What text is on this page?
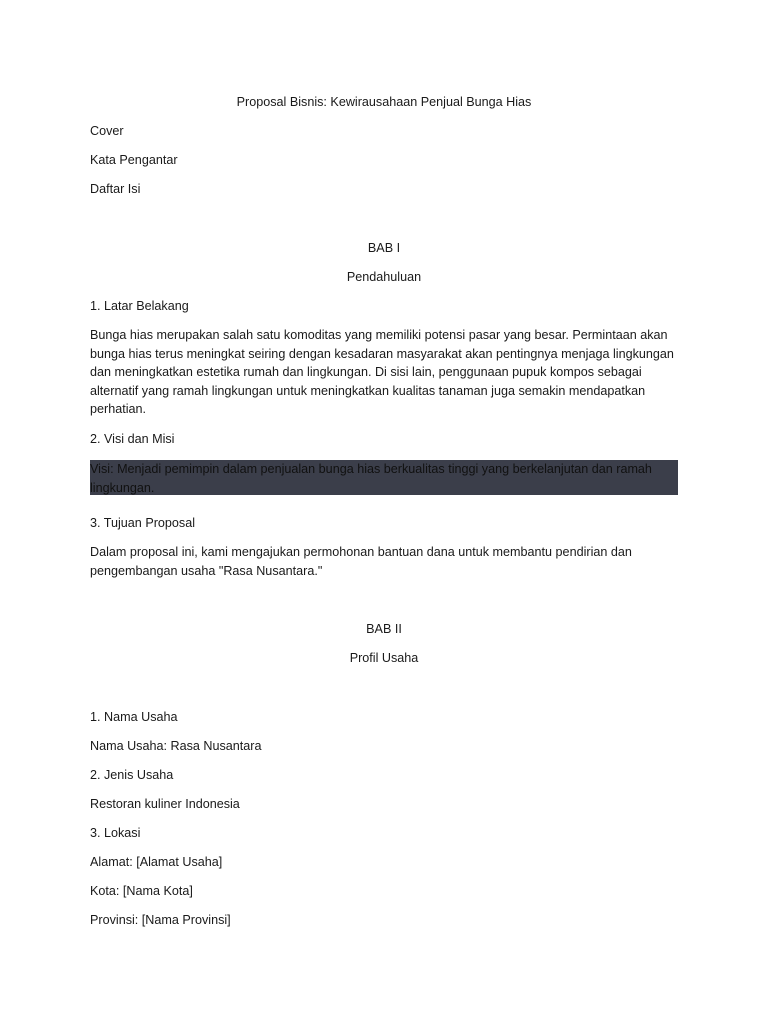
Proposal Bisnis: Kewirausahaan Penjual Bunga Hias

Cover

Kata Pengantar

Daftar Isi

BAB I

Pendahuluan

1. Latar Belakang

Bunga hias merupakan salah satu komoditas yang memiliki potensi pasar yang besar. Permintaan akan bunga hias terus meningkat seiring dengan kesadaran masyarakat akan pentingnya menjaga lingkungan dan meningkatkan estetika rumah dan lingkungan. Di sisi lain, penggunaan pupuk kompos sebagai alternatif yang ramah lingkungan untuk meningkatkan kualitas tanaman juga semakin mendapatkan perhatian.

2. Visi dan Misi

Visi: Menjadi pemimpin dalam penjualan bunga hias berkualitas tinggi yang berkelanjutan dan ramah lingkungan.

3. Tujuan Proposal

Dalam proposal ini, kami mengajukan permohonan bantuan dana untuk membantu pendirian dan pengembangan usaha "Rasa Nusantara."

BAB II

Profil Usaha

1. Nama Usaha

Nama Usaha: Rasa Nusantara

2. Jenis Usaha

Restoran kuliner Indonesia

3. Lokasi

Alamat: [Alamat Usaha]

Kota: [Nama Kota]

Provinsi: [Nama Provinsi]
